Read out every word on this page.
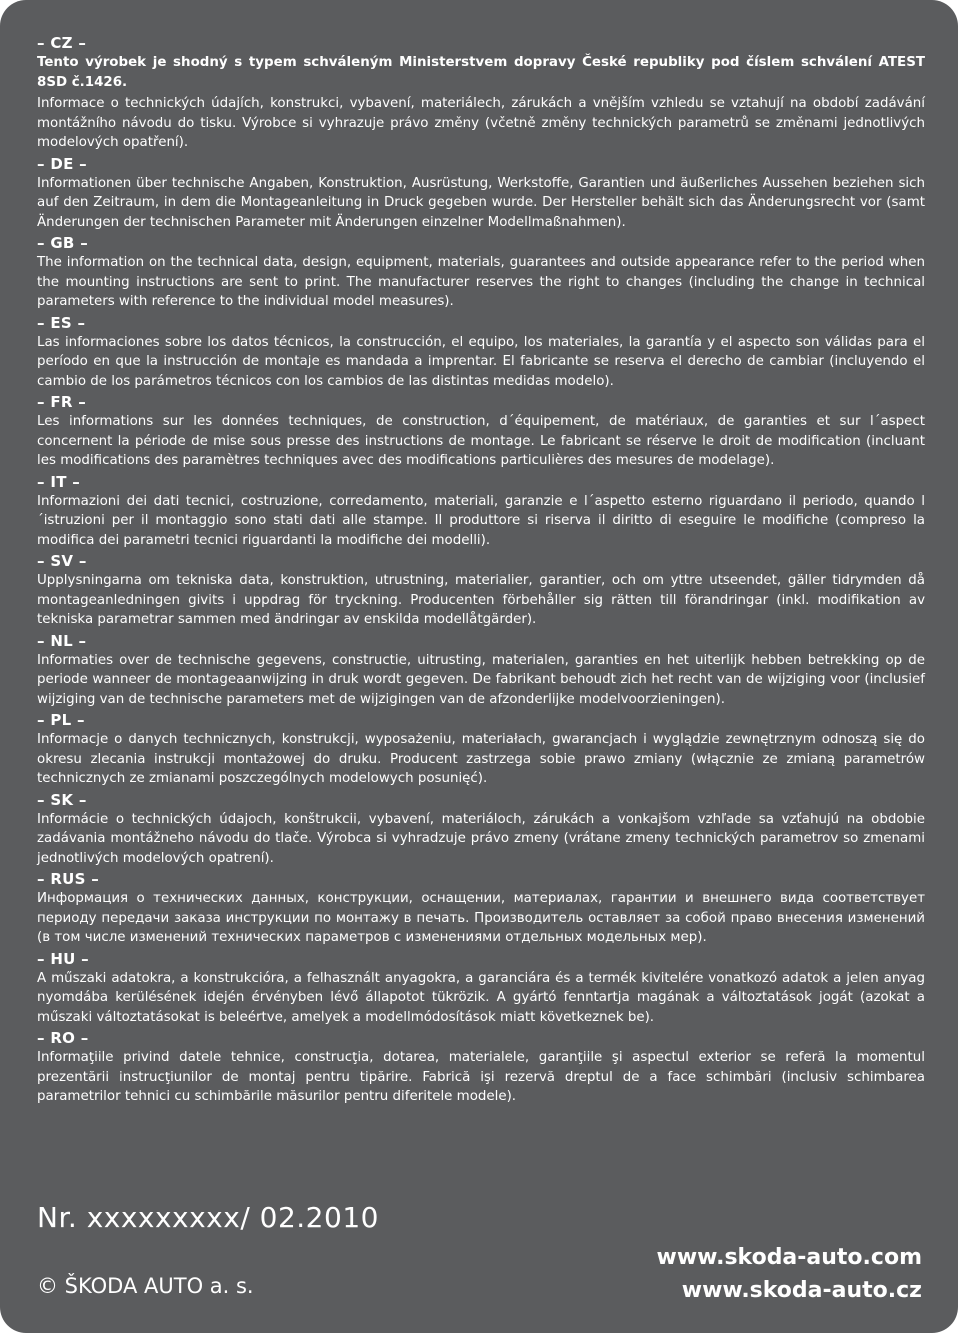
– CZ –

Tento výrobek je shodný s typem schváleným Ministerstvem dopravy České republiky pod číslem schválení ATEST 8SD č.1426.

Informace o technických údajích, konstrukci, vybavení, materiálech, zárukách a vnějším vzhledu se vztahují na období zadávání montážního návodu do tisku. Výrobce si vyhrazuje právo změny (včetně změny technických parametrů se změnami jednotlivých modelových opatření).

– DE –

Informationen über technische Angaben, Konstruktion, Ausrüstung, Werkstoffe, Garantien und äußerliches Aussehen beziehen sich auf den Zeitraum, in dem die Montageanleitung in Druck gegeben wurde. Der Hersteller behält sich das Änderungsrecht vor (samt Änderungen der technischen Parameter mit Änderungen einzelner Modellmaßnahmen).

– GB –

The information on the technical data, design, equipment, materials, guarantees and outside appearance refer to the period when the mounting instructions are sent to print. The manufacturer reserves the right to changes (including the change in technical parameters with reference to the individual model measures).

– ES –

Las informaciones sobre los datos técnicos, la construcción, el equipo, los materiales, la garantía y el aspecto son válidas para el período en que la instrucción de montaje es mandada a imprentar. El fabricante se reserva el derecho de cambiar (incluyendo el cambio de los parámetros técnicos con los cambios de las distintas medidas modelo).

– FR –

Les informations sur les données techniques, de construction, d´équipement, de matériaux, de garanties et sur l´aspect concernent la période de mise sous presse des instructions de montage. Le fabricant se réserve le droit de modification (incluant les modifications des paramètres techniques avec des modifications particulières des mesures de modelage).

– IT –

Informazioni dei dati tecnici, costruzione, corredamento, materiali, garanzie e l´aspetto esterno riguardano il periodo, quando l´istruzioni per il montaggio sono stati dati alle stampe. Il produttore si riserva il diritto di eseguire le modifiche (compreso la modifica dei parametri tecnici riguardanti la modifiche dei modelli).

– SV –

Upplysningarna om tekniska data, konstruktion, utrustning, materialier, garantier, och om yttre utseendet, gäller tidrymden då montageanledningen givits i uppdrag för tryckning. Producenten förbehåller sig rätten till förandringar (inkl. modifikation av tekniska parametrar sammen med ändringar av enskilda modellåtgärder).

– NL –

Informaties over de technische gegevens, constructie, uitrusting, materialen, garanties en het uiterlijk hebben betrekking op de periode wanneer de montageaanwijzing in druk wordt gegeven. De fabrikant behoudt zich het recht van de wijziging voor (inclusief wijziging van de technische parameters met de wijzigingen van de afzonderlijke modelvoorzieningen).

– PL –

Informacje o danych technicznych, konstrukcji, wyposażeniu, materiałach, gwarancjach i wyglądzie zewnętrznym odnoszą się do okresu zlecania instrukcji montażowej do druku. Producent zastrzega sobie prawo zmiany (włącznie ze zmianą parametrów technicznych ze zmianami poszczególnych modelowych posunięć).

– SK –

Informácie o technických údajoch, konštrukcii, vybavení, materiáloch, zárukách a vonkajšom vzhľade sa vzťahujú na obdobie zadávania montážneho návodu do tlače. Výrobca si vyhradzuje právo zmeny (vrátane zmeny technických parametrov so zmenami jednotlivých modelových opatrení).

– RUS –

Информация о технических данных, конструкции, оснащении, материалах, гарантии и внешнего вида соответствует периоду передачи заказа инструкции по монтажу в печать. Производитель оставляет за собой право внесения изменений (в том числе изменений технических параметров с изменениями отдельных модельных мер).

– HU –

A műszaki adatokra, a konstrukcióra, a felhasznált anyagokra, a garanciára és a termék kivitelére vonatkozó adatok a jelen anyag nyomdába kerülésének idején érvényben lévő állapotot tükrözik. A gyártó fenntartja magának a változtatások jogát (azokat a műszaki változtatásokat is beleértve, amelyek a modellmódosítások miatt következnek be).

– RO –

Informaţiile privind datele tehnice, construcţia, dotarea, materialele, garanţiile şi aspectul exterior se referă la momentul prezentării instrucţiunilor de montaj pentru tipărire. Fabrică işi rezervă dreptul de a face schimbări (inclusiv schimbarea parametrilor tehnici cu schimbările măsurilor pentru diferitele modele).

Nr. xxxxxxxxx/ 02.2010
© ŠKODA AUTO a. s.
www.skoda-auto.com
www.skoda-auto.cz
